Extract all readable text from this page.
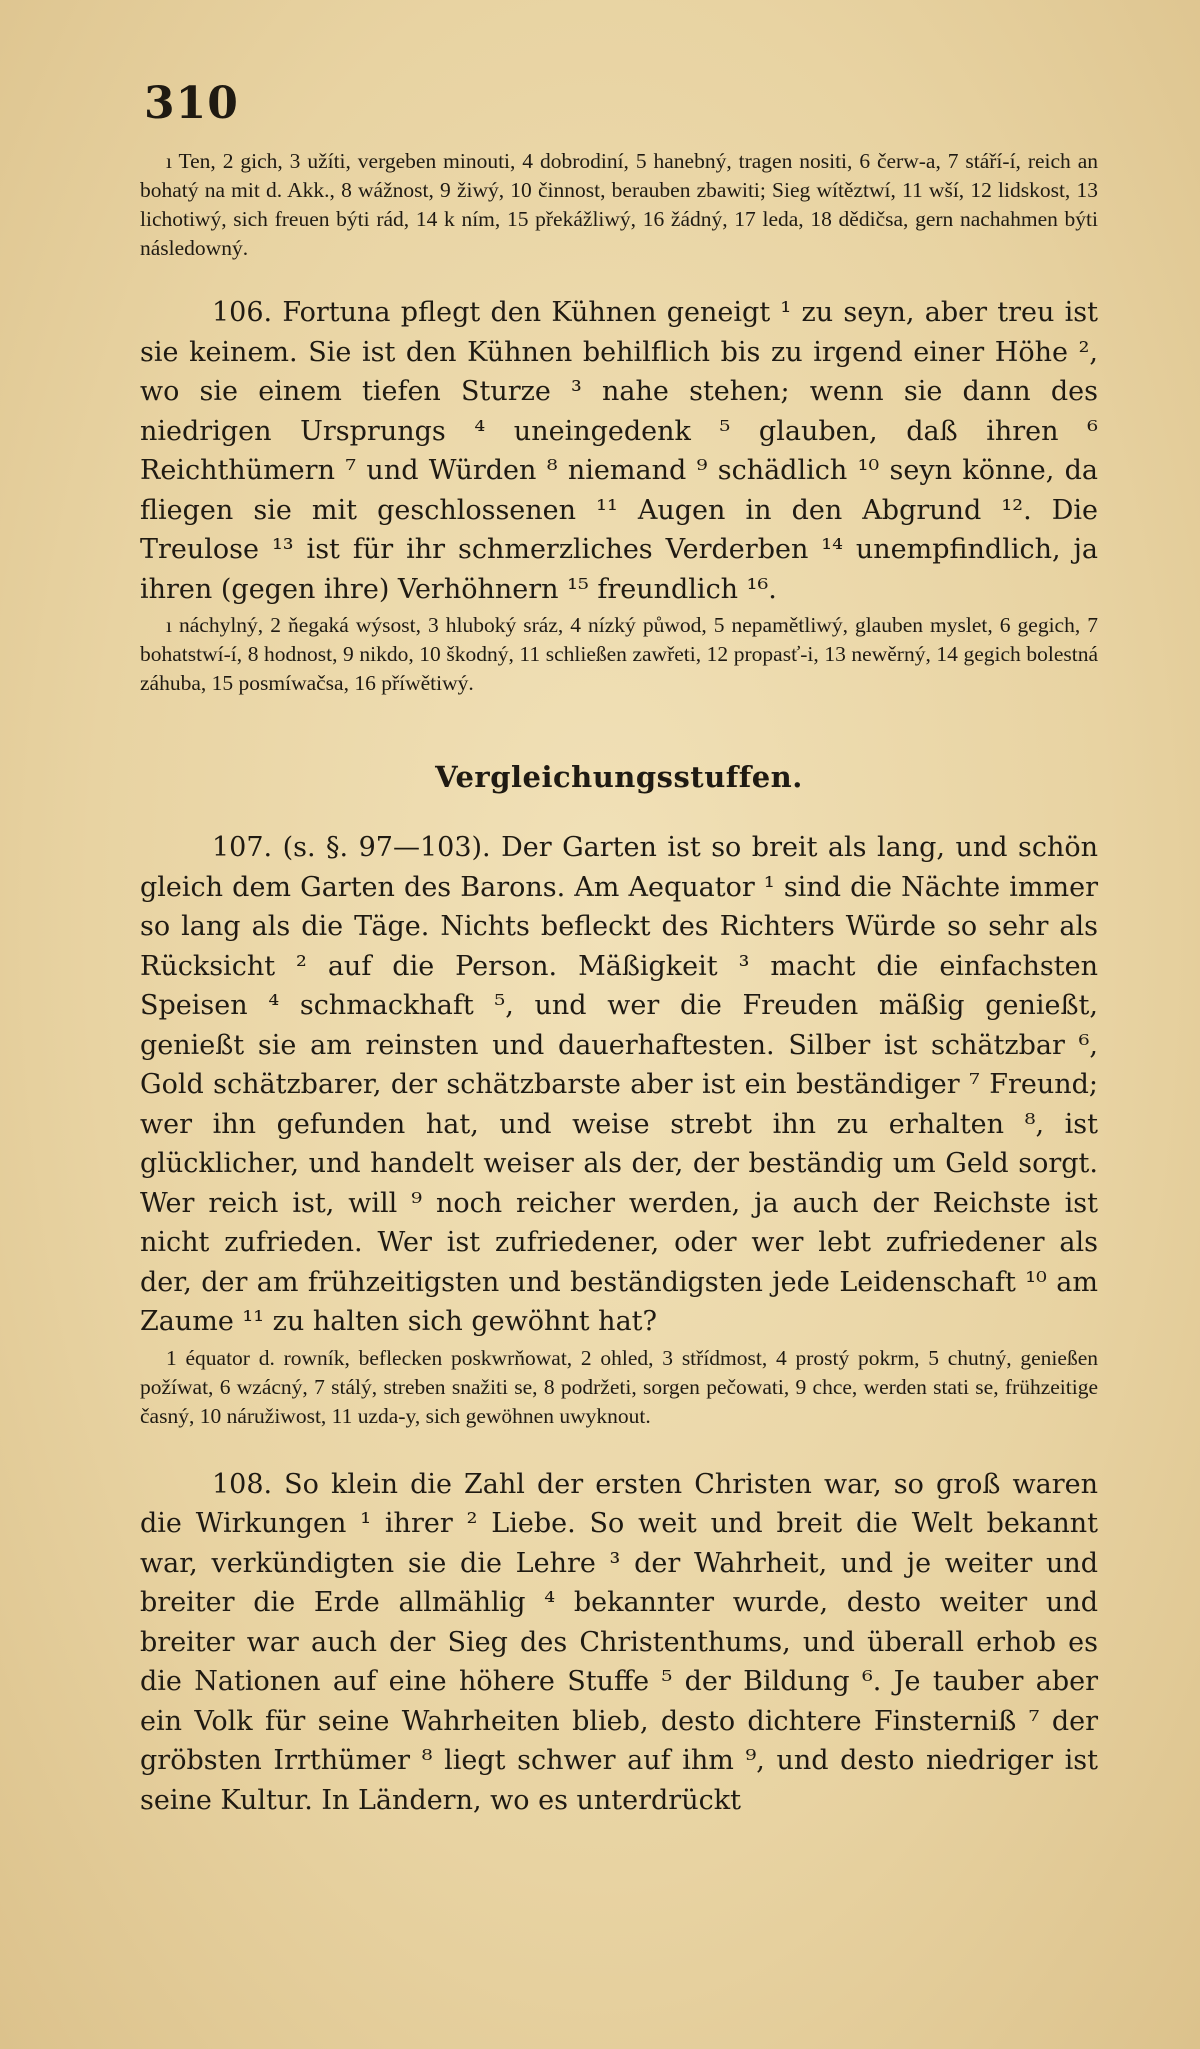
310

ı Ten, 2 gich, 3 užíti, vergeben minouti, 4 dobrodiní, 5 hanebný, tragen nositi, 6 čerw-a, 7 stáří-í, reich an bohatý na mit d. Akk., 8 wážnost, 9 žiwý, 10 činnost, berauben zbawiti; Sieg wítěztwí, 11 wší, 12 lidskost, 13 lichotiwý, sich freuen býti rád, 14 k ním, 15 překážliwý, 16 žádný, 17 leda, 18 dědičsa, gern nachahmen býti následowný.

106. Fortuna pflegt den Kühnen geneigt ¹ zu seyn, aber treu ist sie keinem. Sie ist den Kühnen behilflich bis zu irgend einer Höhe ², wo sie einem tiefen Sturze ³ nahe stehen; wenn sie dann des niedrigen Ursprungs ⁴ uneingedenk ⁵ glauben, daß ihren ⁶ Reichthümern ⁷ und Würden ⁸ niemand ⁹ schädlich ¹⁰ seyn könne, da fliegen sie mit geschlossenen ¹¹ Augen in den Abgrund ¹². Die Treulose ¹³ ist für ihr schmerzliches Verderben ¹⁴ unempfindlich, ja ihren (gegen ihre) Verhöhnern ¹⁵ freundlich ¹⁶.

ı náchylný, 2 ňegaká wýsost, 3 hluboký sráz, 4 nízký půwod, 5 nepamětliwý, glauben myslet, 6 gegich, 7 bohatstwí-í, 8 hodnost, 9 nikdo, 10 škodný, 11 schließen zawřeti, 12 propasť-i, 13 newěrný, 14 gegich bolestná záhuba, 15 posmíwačsa, 16 příwětiwý.

Vergleichungsstuffen.

107. (s. §. 97—103). Der Garten ist so breit als lang, und schön gleich dem Garten des Barons. Am Aequator ¹ sind die Nächte immer so lang als die Täge. Nichts befleckt des Richters Würde so sehr als Rücksicht ² auf die Person. Mäßigkeit ³ macht die einfachsten Speisen ⁴ schmackhaft ⁵, und wer die Freuden mäßig genießt, genießt sie am reinsten und dauerhaftesten. Silber ist schätzbar ⁶, Gold schätzbarer, der schätzbarste aber ist ein beständiger ⁷ Freund; wer ihn gefunden hat, und weise strebt ihn zu erhalten ⁸, ist glücklicher, und handelt weiser als der, der beständig um Geld sorgt. Wer reich ist, will ⁹ noch reicher werden, ja auch der Reichste ist nicht zufrieden. Wer ist zufriedener, oder wer lebt zufriedener als der, der am frühzeitigsten und beständigsten jede Leidenschaft ¹⁰ am Zaume ¹¹ zu halten sich gewöhnt hat?

1 équator d. rowník, beflecken poskwrňowat, 2 ohled, 3 střídmost, 4 prostý pokrm, 5 chutný, genießen požíwat, 6 wzácný, 7 stálý, streben snažiti se, 8 podržeti, sorgen pečowati, 9 chce, werden stati se, frühzeitige časný, 10 náružiwost, 11 uzda-y, sich gewöhnen uwyknout.

108. So klein die Zahl der ersten Christen war, so groß waren die Wirkungen ¹ ihrer ² Liebe. So weit und breit die Welt bekannt war, verkündigten sie die Lehre ³ der Wahrheit, und je weiter und breiter die Erde allmählig ⁴ bekannter wurde, desto weiter und breiter war auch der Sieg des Christenthums, und überall erhob es die Nationen auf eine höhere Stuffe ⁵ der Bildung ⁶. Je tauber aber ein Volk für seine Wahrheiten blieb, desto dichtere Finsterniß ⁷ der gröbsten Irrthümer ⁸ liegt schwer auf ihm ⁹, und desto niedriger ist seine Kultur. In Ländern, wo es unterdrückt
